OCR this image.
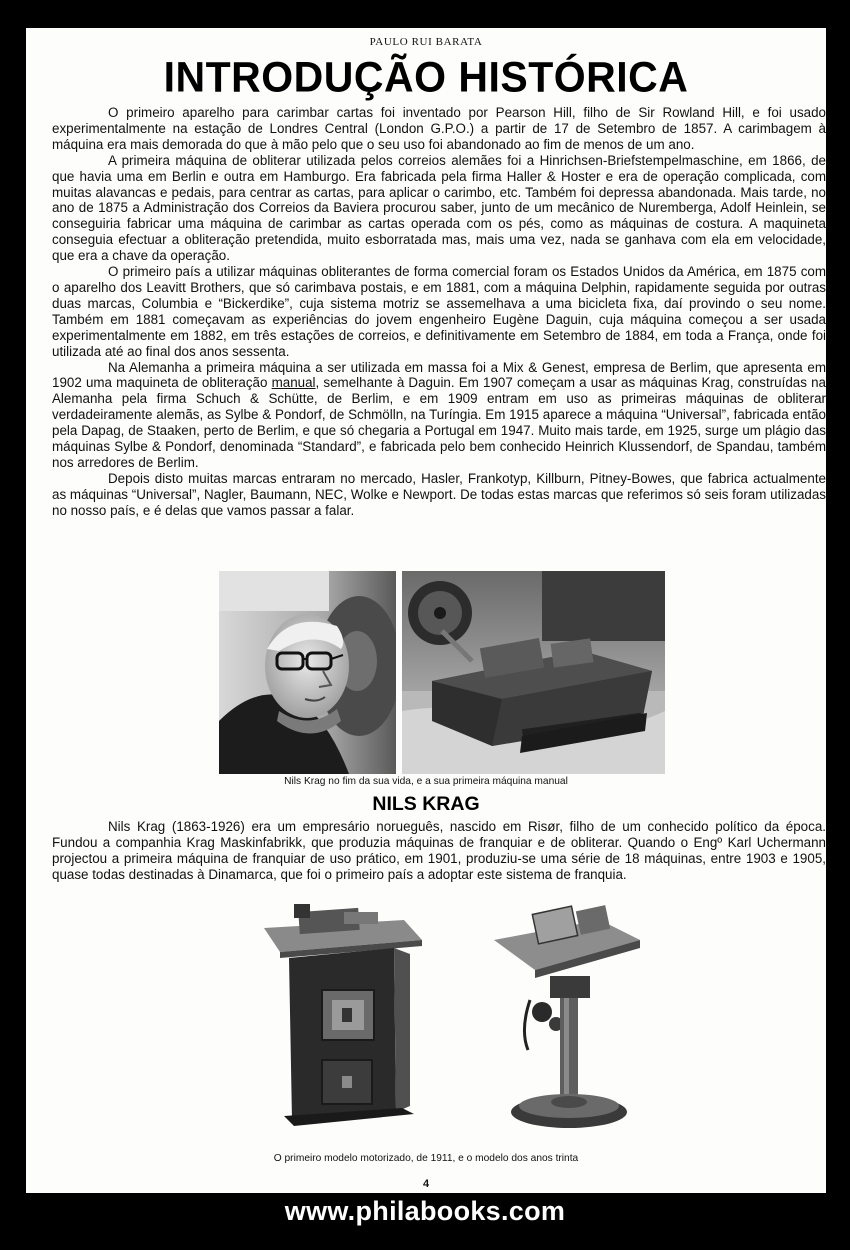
PAULO RUI BARATA
INTRODUÇÃO HISTÓRICA

O primeiro aparelho para carimbar cartas foi inventado por Pearson Hill, filho de Sir Rowland Hill, e foi usado experimentalmente na estação de Londres Central (London G.P.O.) a partir de 17 de Setembro de 1857. A carimbagem à máquina era mais demorada do que à mão pelo que o seu uso foi abandonado ao fim de menos de um ano.

A primeira máquina de obliterar utilizada pelos correios alemães foi a Hinrichsen-Briefstempelmaschine, em 1866, de que havia uma em Berlin e outra em Hamburgo. Era fabricada pela firma Haller & Hoster e era de operação complicada, com muitas alavancas e pedais, para centrar as cartas, para aplicar o carimbo, etc. Também foi depressa abandonada. Mais tarde, no ano de 1875 a Administração dos Correios da Baviera procurou saber, junto de um mecânico de Nuremberga, Adolf Heinlein, se conseguiria fabricar uma máquina de carimbar as cartas operada com os pés, como as máquinas de costura. A maquineta conseguia efectuar a obliteração pretendida, muito esborratada mas, mais uma vez, nada se ganhava com ela em velocidade, que era a chave da operação.

O primeiro país a utilizar máquinas obliterantes de forma comercial foram os Estados Unidos da América, em 1875 com o aparelho dos Leavitt Brothers, que só carimbava postais, e em 1881, com a máquina Delphin, rapidamente seguida por outras duas marcas, Columbia e “Bickerdike”, cuja sistema motriz se assemelhava a uma bicicleta fixa, daí provindo o seu nome. Também em 1881 começavam as experiências do jovem engenheiro Eugène Daguin, cuja máquina começou a ser usada experimentalmente em 1882, em três estações de correios, e definitivamente em Setembro de 1884, em toda a França, onde foi utilizada até ao final dos anos sessenta.

Na Alemanha a primeira máquina a ser utilizada em massa foi a Mix & Genest, empresa de Berlim, que apresenta em 1902 uma maquineta de obliteração manual, semelhante à Daguin. Em 1907 começam a usar as máquinas Krag, construídas na Alemanha pela firma Schuch & Schütte, de Berlim, e em 1909 entram em uso as primeiras máquinas de obliterar verdadeiramente alemãs, as Sylbe & Pondorf, de Schmölln, na Turíngia. Em 1915 aparece a máquina “Universal”, fabricada então pela Dapag, de Staaken, perto de Berlim, e que só chegaria a Portugal em 1947. Muito mais tarde, em 1925, surge um plágio das máquinas Sylbe & Pondorf, denominada “Standard”, e fabricada pelo bem conhecido Heinrich Klussendorf, de Spandau, também nos arredores de Berlim.

Depois disto muitas marcas entraram no mercado, Hasler, Frankotyp, Killburn, Pitney-Bowes, que fabrica actualmente as máquinas “Universal”, Nagler, Baumann, NEC, Wolke e Newport. De todas estas marcas que referimos só seis foram utilizadas no nosso país, e é delas que vamos passar a falar.

Nils Krag no fim da sua vida, e a sua primeira máquina manual
NILS KRAG

Nils Krag (1863-1926) era um empresário norueguês, nascido em Risør, filho de um conhecido político da época. Fundou a companhia Krag Maskinfabrikk, que produzia máquinas de franquiar e de obliterar. Quando o Engº Karl Uchermann projectou a primeira máquina de franquiar de uso prático, em 1901, produziu-se uma série de 18 máquinas, entre 1903 e 1905, quase todas destinadas à Dinamarca, que foi o primeiro país a adoptar este sistema de franquia.

O primeiro modelo motorizado, de 1911, e o modelo dos anos trinta
4
www.philabooks.com
